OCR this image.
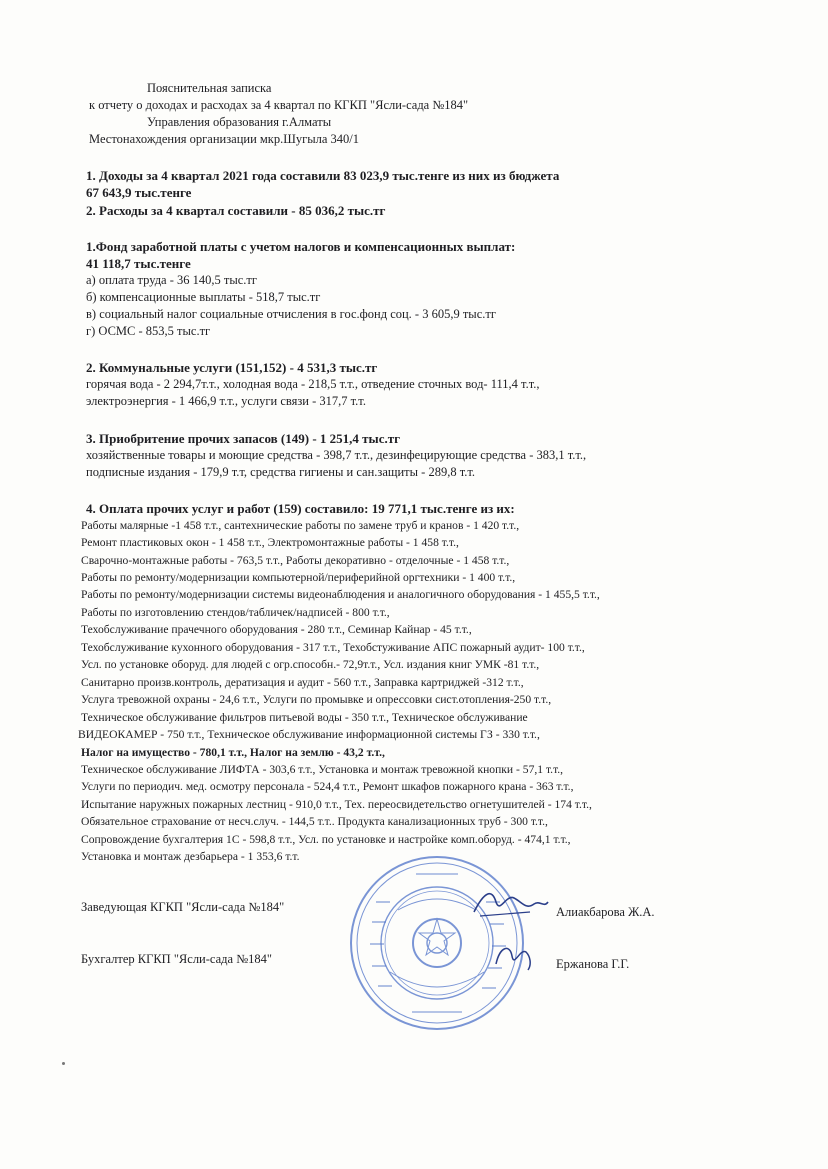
Пояснительная записка
к отчету о доходах и расходах за 4 квартал по КГКП "Ясли-сада №184"
Управления образования г.Алматы
Местонахождения организации мкр.Шугыла 340/1
1. Доходы за 4 квартал 2021 года составили 83 023,9 тыс.тенге из них из бюджета
67 643,9 тыс.тенге
2. Расходы за 4 квартал составили - 85 036,2 тыс.тг
1.Фонд заработной платы с учетом налогов и компенсационных выплат:
41 118,7 тыс.тенге
а) оплата труда - 36 140,5 тыс.тг
б) компенсационные выплаты - 518,7 тыс.тг
в) социальный налог социальные отчисления в гос.фонд соц. - 3 605,9 тыс.тг
г) ОСМС - 853,5 тыс.тг
2. Коммунальные услуги (151,152) - 4 531,3 тыс.тг
горячая вода - 2 294,7т.т., холодная вода - 218,5 т.т., отведение сточных вод- 111,4 т.т.,
электроэнергия - 1 466,9 т.т., услуги связи - 317,7 т.т.
3. Приобритение прочих запасов (149) - 1 251,4 тыс.тг
хозяйственные товары и моющие средства - 398,7 т.т., дезинфецирующие средства - 383,1 т.т.,
подписные издания - 179,9 т.т, средства гигиены и сан.защиты - 289,8 т.т.
4. Оплата прочих услуг и работ (159) составило: 19 771,1 тыс.тенге из их:
Работы малярные -1 458 т.т., сантехнические работы по замене труб и кранов - 1 420 т.т.,
Ремонт пластиковых окон - 1 458 т.т., Электромонтажные работы - 1 458 т.т.,
Сварочно-монтажные работы - 763,5 т.т., Работы декоративно - отделочные - 1 458 т.т.,
Работы по ремонту/модернизации компьютерной/периферийной оргтехники - 1 400 т.т.,
Работы по ремонту/модернизации системы видеонаблюдения и аналогичного оборудования - 1 455,5 т.т.,
Работы по изготовлению стендов/табличек/надписей - 800 т.т.,
Техобслуживание прачечного оборудования - 280 т.т., Семинар Кайнар - 45 т.т.,
Техобслуживание кухонного оборудования - 317 т.т., Техобстуживание АПС пожарный аудит- 100 т.т.,
Усл. по установке оборуд. для людей с огр.способн.- 72,9т.т., Усл. издания книг УМК -81 т.т.,
Санитарно произв.контроль, дератизация и аудит - 560 т.т., Заправка картриджей -312 т.т.,
Услуга тревожной охраны - 24,6 т.т., Услуги по промывке и опрессовки сист.отопления-250 т.т.,
Техническое обслуживание фильтров питьевой воды - 350 т.т., Техническое обслуживание
ВИДЕОКАМЕР - 750 т.т., Техническое обслуживание информационной системы ГЗ - 330 т.т.,
Налог на имущество - 780,1 т.т., Налог на землю - 43,2 т.т.,
Техническое обслуживание ЛИФТА - 303,6 т.т., Установка и монтаж тревожной кнопки - 57,1 т.т.,
Услуги по периодич. мед. осмотру персонала - 524,4 т.т., Ремонт шкафов пожарного крана - 363 т.т.,
Испытание наружных пожарных лестниц - 910,0 т.т., Тех. переосвидетельство огнетушителей - 174 т.т.,
Обязательное страхование от несч.случ. - 144,5 т.т.. Продукта канализационных труб - 300 т.т.,
Сопровождение бухгалтерия 1С - 598,8 т.т., Усл. по установке и настройке комп.оборуд. - 474,1 т.т.,
Установка и монтаж дезбарьера - 1 353,6 т.т.
Заведующая КГКП "Ясли-сада №184"	Алиакбарова Ж.А.
Бухгалтер КГКП "Ясли-сада №184"	Ержанова Г.Г.
